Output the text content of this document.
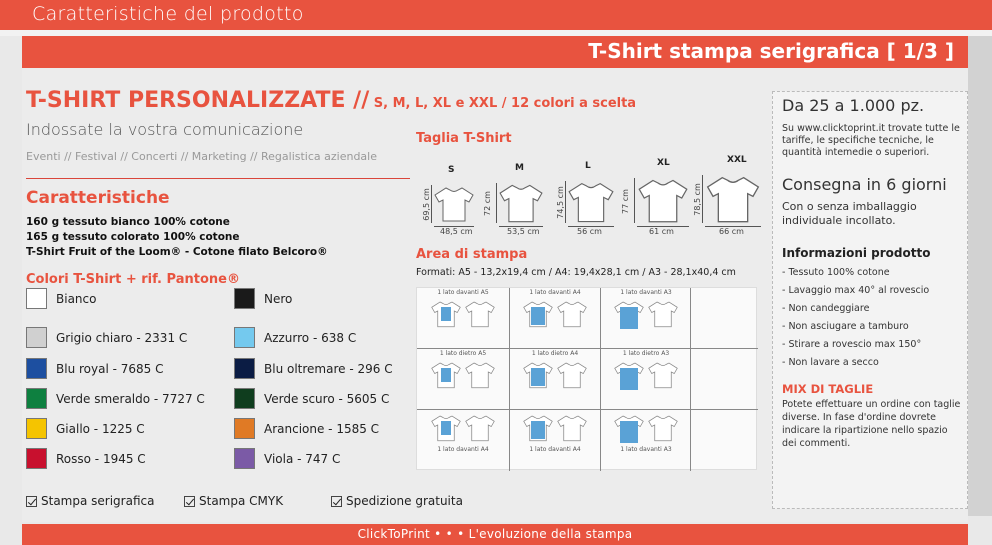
Caratteristiche del prodotto
T-Shirt stampa serigrafica [ 1/3 ]
T-SHIRT PERSONALIZZATE // S, M, L, XL e XXL / 12 colori a scelta
Indossate la vostra comunicazione
Eventi // Festival // Concerti // Marketing // Regalistica aziendale
Caratteristiche
160 g tessuto bianco 100% cotone
165 g tessuto colorato 100% cotone
T-Shirt Fruit of the Loom® - Cotone filato Belcoro®
Colori T-Shirt + rif. Pantone®
Bianco
Grigio chiaro - 2331 C
Blu royal - 7685 C
Verde smeraldo - 7727 C
Giallo - 1225 C
Rosso - 1945 C
Nero
Azzurro - 638 C
Blu oltremare - 296 C
Verde scuro - 5605 C
Arancione - 1585 C
Viola - 747 C
Stampa serigrafica	Stampa CMYK	Spedizione gratuita
Taglia T-Shirt
S
69,5 cm
48,5 cm
M
72 cm
53,5 cm
L
74,5 cm
56 cm
XL
77 cm
61 cm
XXL
78,5 cm
66 cm
Area di stampa
Formati: A5 - 13,2x19,4 cm / A4: 19,4x28,1 cm / A3 - 28,1x40,4 cm
1 lato davanti A5	1 lato davanti A4	1 lato davanti A3
1 lato dietro A5	1 lato dietro A4	1 lato dietro A3
1 lato davanti A4	1 lato davanti A4	1 lato davanti A3
Da 25 a 1.000 pz.
Su www.clicktoprint.it trovate tutte le tariffe, le specifiche tecniche, le quantità intemedie o superiori.
Consegna in 6 giorni
Con o senza imballaggio individuale incollato.
Informazioni prodotto
- Tessuto 100% cotone
- Lavaggio max 40° al rovescio
- Non candeggiare
- Non asciugare a tamburo
- Stirare a rovescio max 150°
- Non lavare a secco
MIX DI TAGLIE
Potete effettuare un ordine con taglie diverse. In fase d'ordine dovrete indicare la ripartizione nello spazio dei commenti.
ClickToPrint • • • L'evoluzione della stampa
